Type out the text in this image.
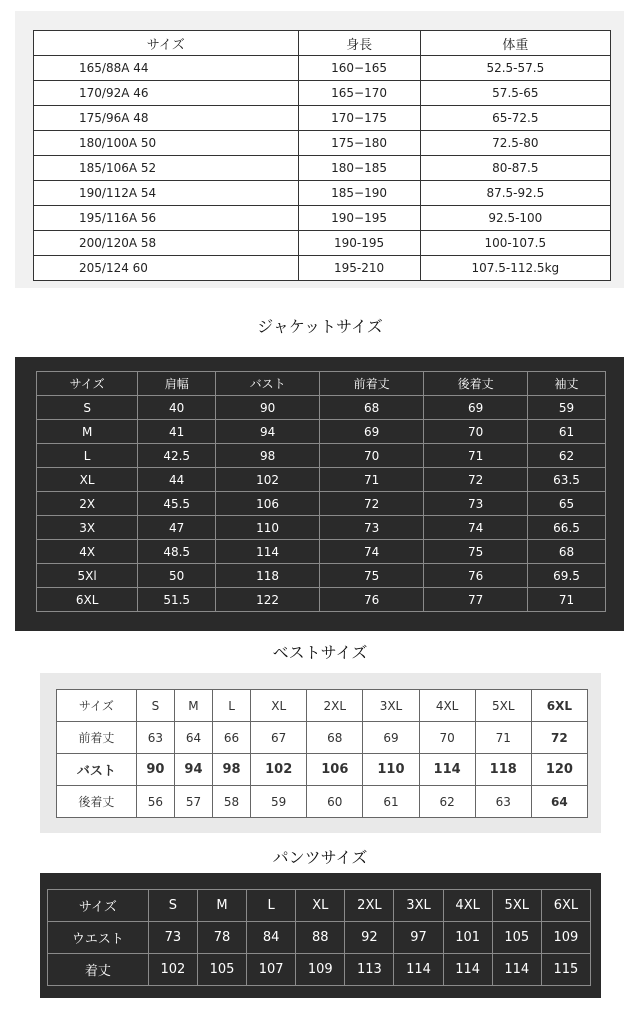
サイズ	身長	体重
165/88A 44	160−165	52.5-57.5
170/92A 46	165−170	57.5-65
175/96A 48	170−175	65-72.5
180/100A 50	175−180	72.5-80
185/106A 52	180−185	80-87.5
190/112A 54	185−190	87.5-92.5
195/116A 56	190−195	92.5-100
200/120A 58	190-195	100-107.5
205/124 60	195-210	107.5-112.5kg
ジャケットサイズ
サイズ	肩幅	バスト	前着丈	後着丈	袖丈
S	40	90	68	69	59
M	41	94	69	70	61
L	42.5	98	70	71	62
XL	44	102	71	72	63.5
2X	45.5	106	72	73	65
3X	47	110	73	74	66.5
4X	48.5	114	74	75	68
5Xl	50	118	75	76	69.5
6XL	51.5	122	76	77	71
ベストサイズ
サイズ	S	M	L	XL	2XL	3XL	4XL	5XL	6XL
前着丈	63	64	66	67	68	69	70	71	72
バスト	90	94	98	102	106	110	114	118	120
後着丈	56	57	58	59	60	61	62	63	64
パンツサイズ
サイズ	S	M	L	XL	2XL	3XL	4XL	5XL	6XL
ウエスト	73	78	84	88	92	97	101	105	109
着丈	102	105	107	109	113	114	114	114	115
